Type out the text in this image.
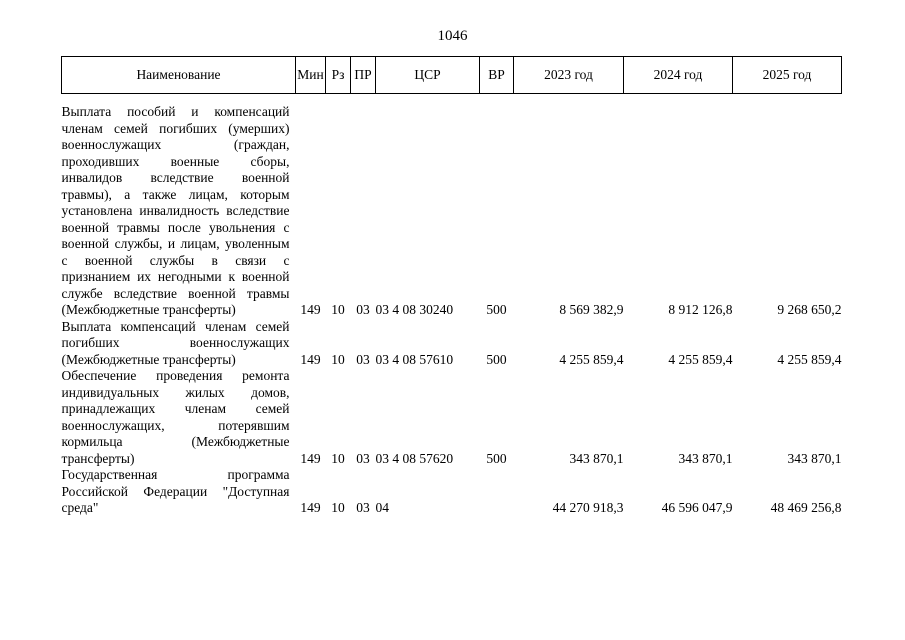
1046
Наименование	Мин	Рз	ПР	ЦСР	ВР	2023 год	2024 год	2025 год
Выплата пособий и компенсаций членам семей погибших (умерших) военнослужащих (граждан, проходивших военные сборы, инвалидов вследствие военной травмы), а также лицам, которым установлена инвалидность вследствие военной травмы после увольнения с военной службы, и лицам, уволенным с военной службы в связи с признанием их негодными к военной службе вследствие военной травмы (Межбюджетные трансферты)	149	10	03	03 4 08 30240	500	8 569 382,9	8 912 126,8	9 268 650,2
Выплата компенсаций членам семей погибших военнослужащих (Межбюджетные трансферты)	149	10	03	03 4 08 57610	500	4 255 859,4	4 255 859,4	4 255 859,4
Обеспечение проведения ремонта индивидуальных жилых домов, принадлежащих членам семей военнослужащих, потерявшим кормильца (Межбюджетные трансферты)	149	10	03	03 4 08 57620	500	343 870,1	343 870,1	343 870,1
Государственная программа Российской Федерации "Доступная среда"	149	10	03	04		44 270 918,3	46 596 047,9	48 469 256,8
